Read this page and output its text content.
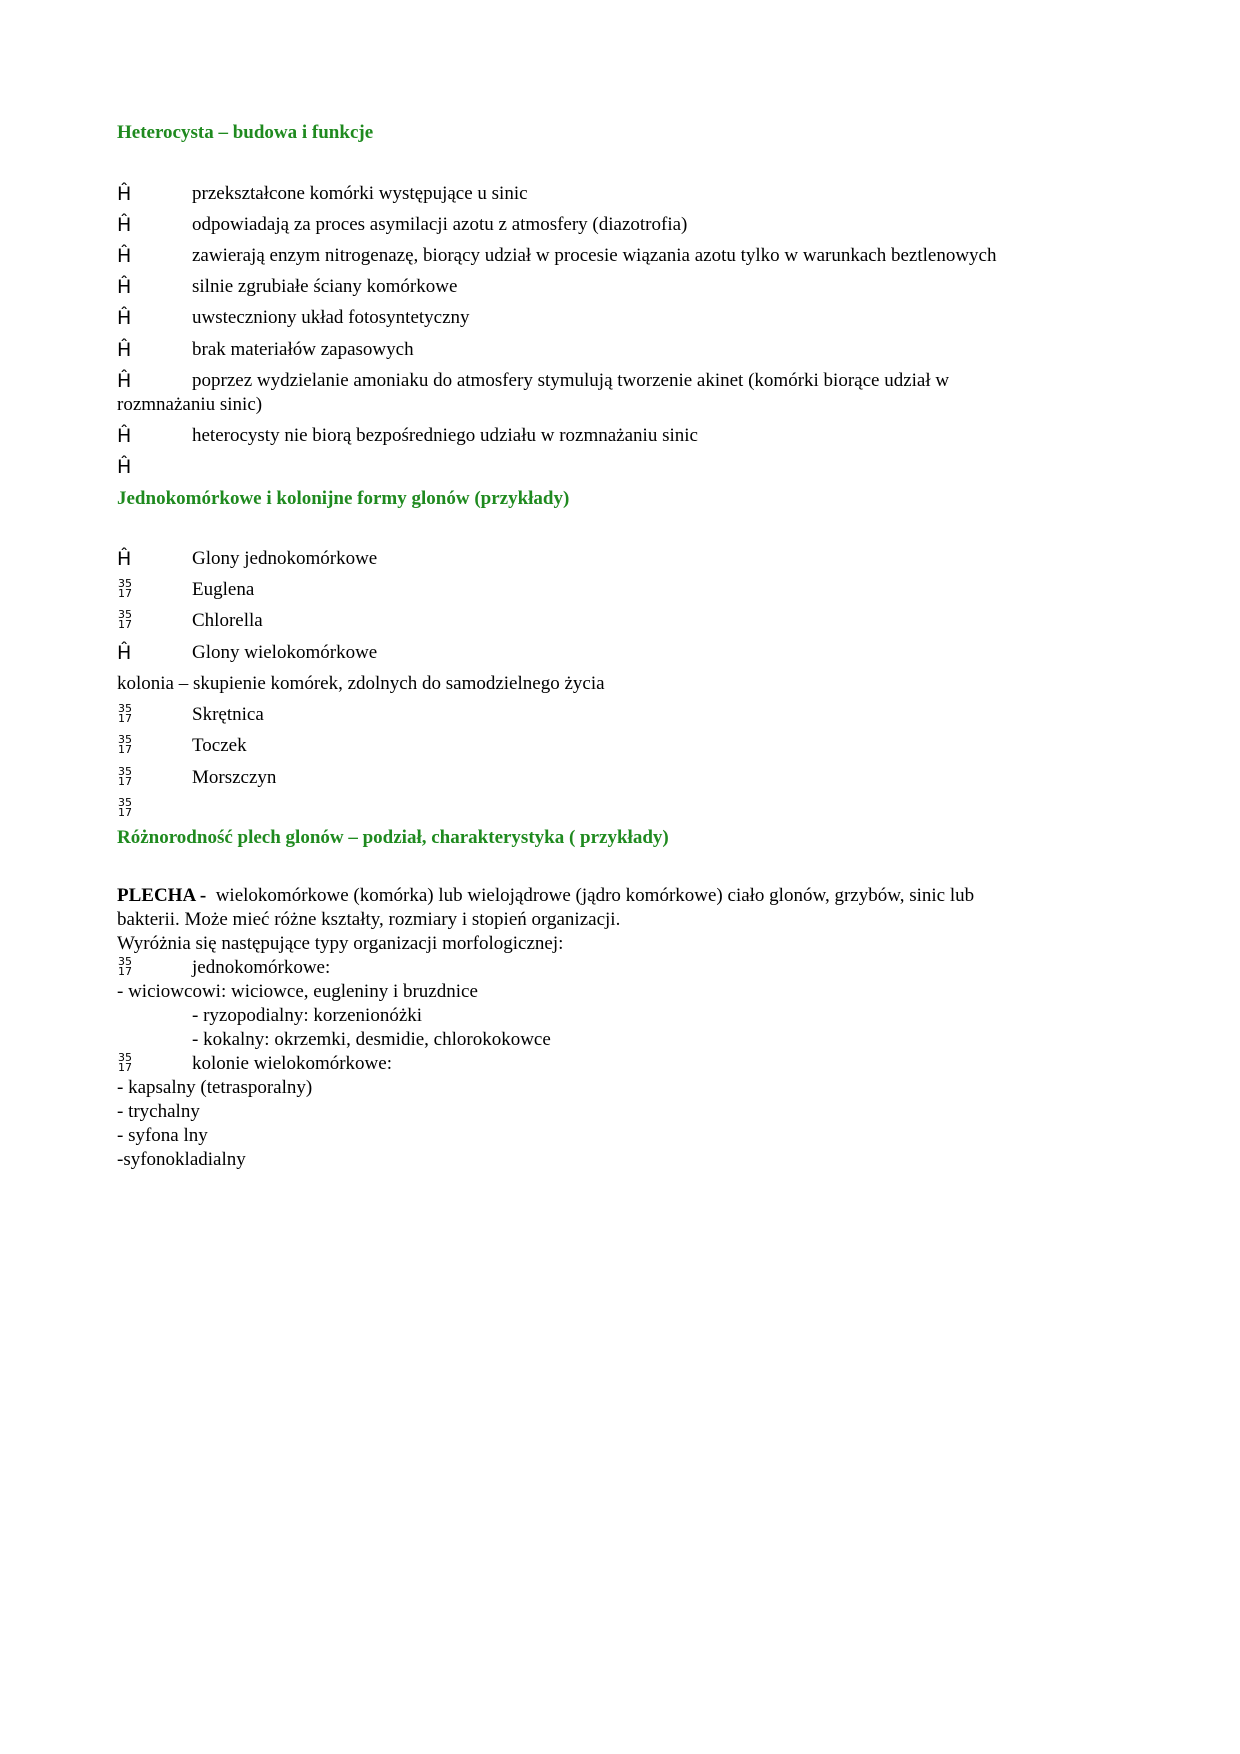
Heterocysta – budowa i funkcje
Ĥ	przekształcone komórki występujące u sinic
Ĥ	odpowiadają za proces asymilacji azotu z atmosfery (diazotrofia)
Ĥ	zawierają enzym nitrogenazę, biorący udział w procesie wiązania azotu tylko w warunkach beztlenowych
Ĥ	silnie zgrubiałe ściany komórkowe
Ĥ	uwsteczniony układ fotosyntetyczny
Ĥ	brak materiałów zapasowych
Ĥ	poprzez wydzielanie amoniaku do atmosfery stymulują tworzenie akinet (komórki biorące udział w
rozmnażaniu sinic)
Ĥ	heterocysty nie biorą bezpośredniego udziału w rozmnażaniu sinic
Ĥ
Jednokomórkowe i kolonijne formy glonów (przykłady)
Ĥ	Glony jednokomórkowe
35
17	Euglena
35
17	Chlorella
Ĥ	Glony wielokomórkowe
kolonia – skupienie komórek, zdolnych do samodzielnego życia
35
17	Skrętnica
35
17	Toczek
35
17	Morszczyn
35
17
Różnorodność plech glonów – podział, charakterystyka ( przykłady)
PLECHA - wielokomórkowe (komórka) lub wielojądrowe (jądro komórkowe) ciało glonów, grzybów, sinic lub
bakterii. Może mieć różne kształty, rozmiary i stopień organizacji.
Wyróżnia się następujące typy organizacji morfologicznej:
35
17	jednokomórkowe:
- wiciowcowi: wiciowce, eugleniny i bruzdnice
- ryzopodialny: korzenionóżki
- kokalny: okrzemki, desmidie, chlorokokowce
35
17	kolonie wielokomórkowe:
- kapsalny (tetrasporalny)
- trychalny
- syfona lny
-syfonokladialny
